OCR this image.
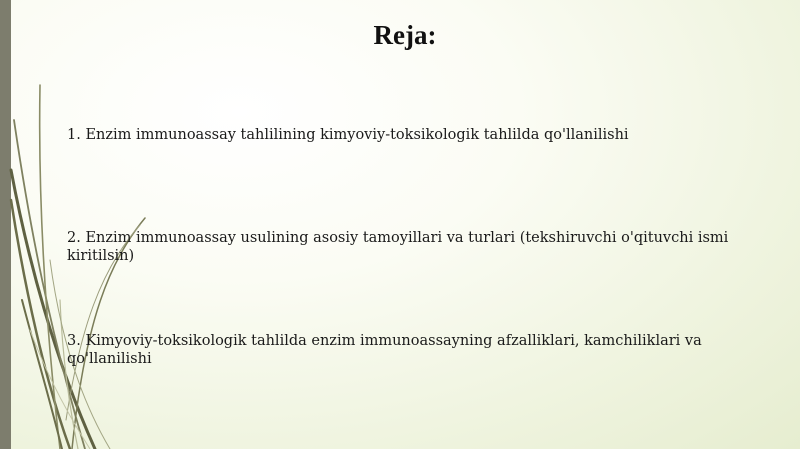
Reja:

1. Enzim immunoassay tahlilining kimyoviy-toksikologik tahlilda qo'llanilishi

2. Enzim immunoassay usulining asosiy tamoyillari va turlari (tekshiruvchi o'qituvchi ismi kiritilsin)

3. Kimyoviy-toksikologik tahlilda enzim immunoassayning afzalliklari, kamchiliklari va qo'llanilishi
